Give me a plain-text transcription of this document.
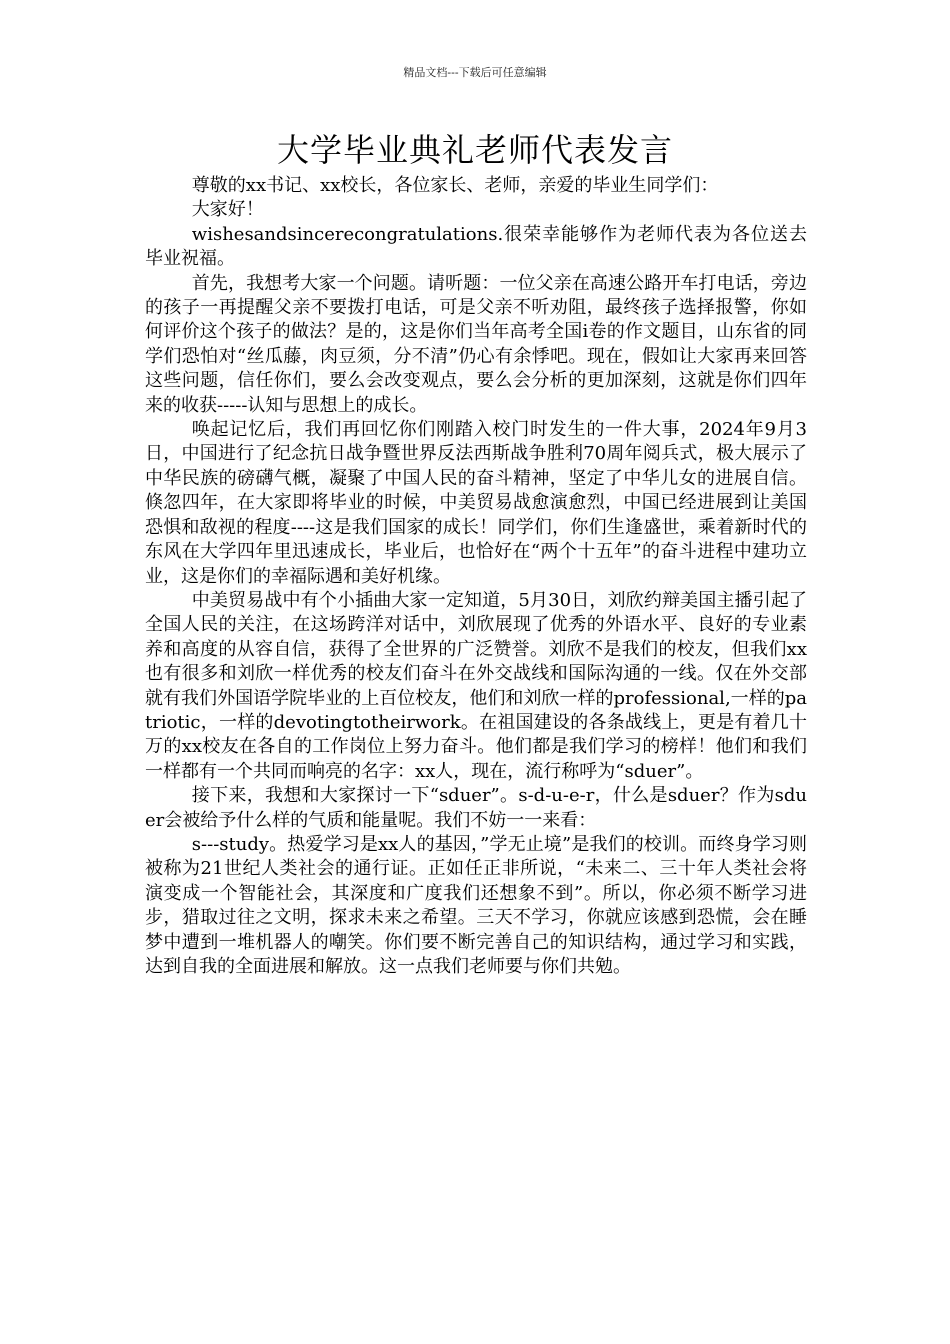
精品文档---下载后可任意编辑
大学毕业典礼老师代表发言

尊敬的xx书记、xx校长，各位家长、老师，亲爱的毕业生同学们：

大家好！

wishesandsincerecongratulations.很荣幸能够作为老师代表为各位送去毕业祝福。

首先，我想考大家一个问题。请听题：一位父亲在高速公路开车打电话，旁边的孩子一再提醒父亲不要拨打电话，可是父亲不听劝阻，最终孩子选择报警，你如何评价这个孩子的做法？是的，这是你们当年高考全国ⅰ卷的作文题目，山东省的同学们恐怕对“丝瓜藤，肉豆须，分不清”仍心有余悸吧。现在，假如让大家再来回答这些问题，信任你们，要么会改变观点，要么会分析的更加深刻，这就是你们四年来的收获-----认知与思想上的成长。

唤起记忆后，我们再回忆你们刚踏入校门时发生的一件大事，2024年9月3日，中国进行了纪念抗日战争暨世界反法西斯战争胜利70周年阅兵式，极大展示了中华民族的磅礴气概，凝聚了中国人民的奋斗精神，坚定了中华儿女的进展自信。倏忽四年，在大家即将毕业的时候，中美贸易战愈演愈烈，中国已经进展到让美国恐惧和敌视的程度----这是我们国家的成长！同学们，你们生逢盛世，乘着新时代的东风在大学四年里迅速成长，毕业后，也恰好在“两个十五年”的奋斗进程中建功立业，这是你们的幸福际遇和美好机缘。

中美贸易战中有个小插曲大家一定知道，5月30日，刘欣约辩美国主播引起了全国人民的关注，在这场跨洋对话中，刘欣展现了优秀的外语水平、良好的专业素养和高度的从容自信，获得了全世界的广泛赞誉。刘欣不是我们的校友，但我们xx也有很多和刘欣一样优秀的校友们奋斗在外交战线和国际沟通的一线。仅在外交部就有我们外国语学院毕业的上百位校友，他们和刘欣一样的professional,一样的patriotic，一样的devotingtotheirwork。在祖国建设的各条战线上，更是有着几十万的xx校友在各自的工作岗位上努力奋斗。他们都是我们学习的榜样！他们和我们一样都有一个共同而响亮的名字：xx人，现在，流行称呼为“sduer”。

接下来，我想和大家探讨一下“sduer”。s-d-u-e-r，什么是sduer？作为sduer会被给予什么样的气质和能量呢。我们不妨一一来看：

s---study。热爱学习是xx人的基因，”学无止境”是我们的校训。而终身学习则被称为21世纪人类社会的通行证。正如任正非所说，“未来二、三十年人类社会将演变成一个智能社会，其深度和广度我们还想象不到”。所以，你必须不断学习进步，猎取过往之文明，探求未来之希望。三天不学习，你就应该感到恐慌，会在睡梦中遭到一堆机器人的嘲笑。你们要不断完善自己的知识结构，通过学习和实践，达到自我的全面进展和解放。这一点我们老师要与你们共勉。
